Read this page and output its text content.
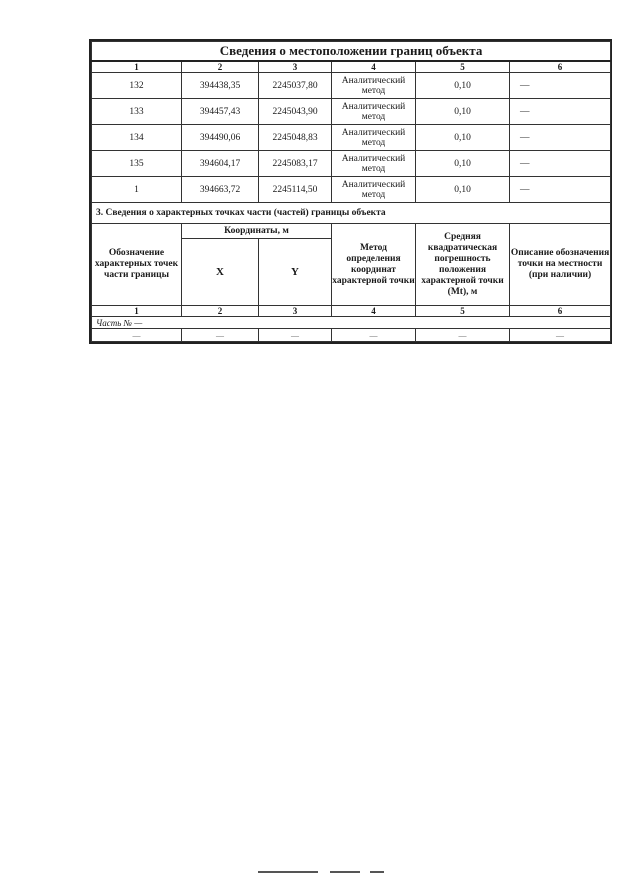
Сведения о местоположении границ объекта					
1	2	3	4	5	6
132	394438,35	2245037,80	Аналитический метод	0,10	—
133	394457,43	2245043,90	Аналитический метод	0,10	—
134	394490,06	2245048,83	Аналитический метод	0,10	—
135	394604,17	2245083,17	Аналитический метод	0,10	—
1	394663,72	2245114,50	Аналитический метод	0,10	—
3. Сведения о характерных точках части (частей) границы объекта					
Обозначение характерных точек части границы	Координаты, м		Метод определения координат характерной точки	Средняя квадратическая погрешность положения характерной точки (Mt), м	Описание обозначения точки на местности (при наличии)
	X	Y			
1	2	3	4	5	6
Часть № —					
—	—	—	—	—	—
